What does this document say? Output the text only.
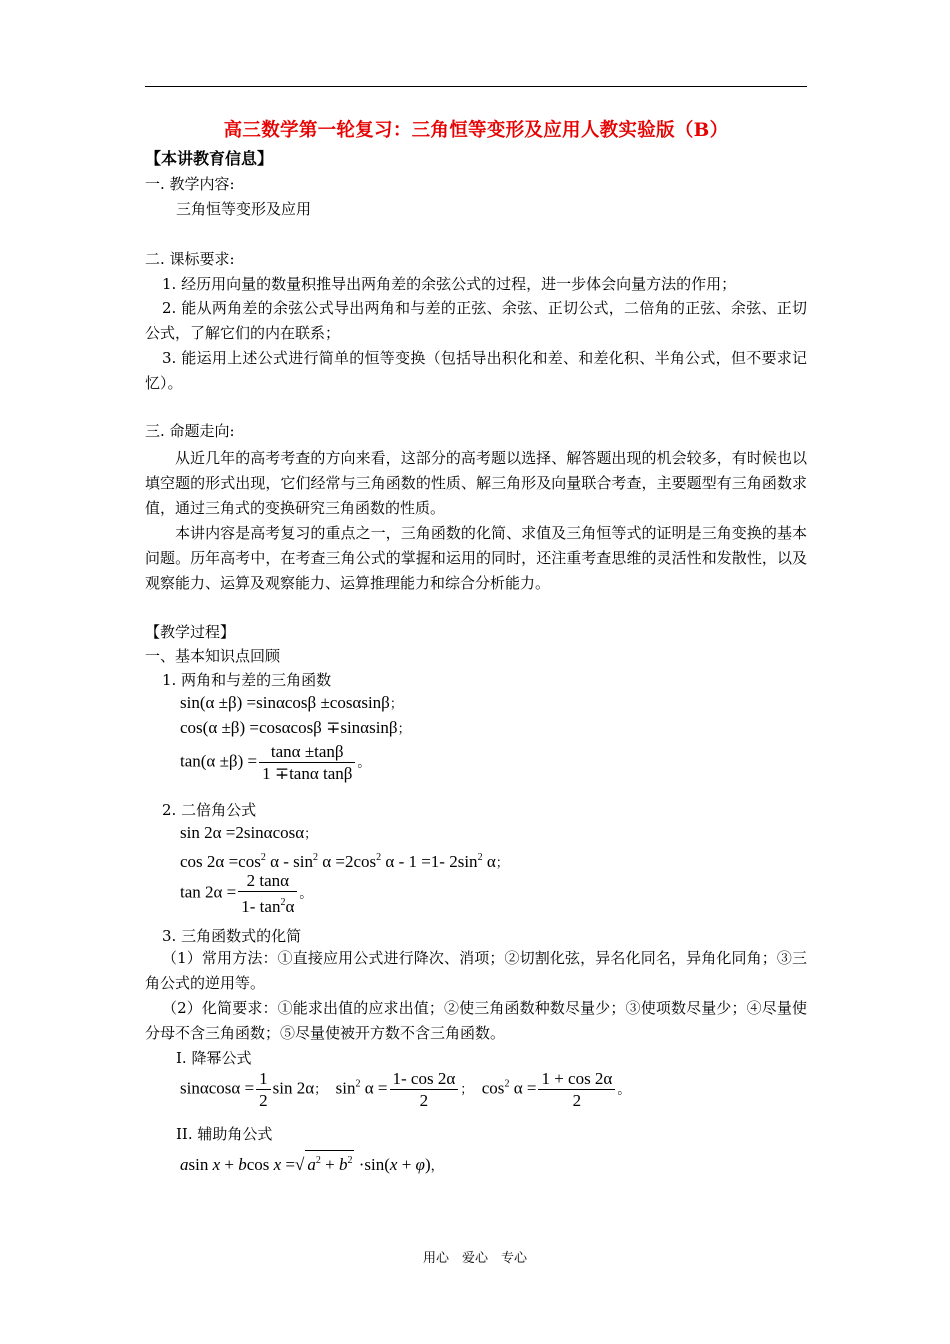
高三数学第一轮复习：三角恒等变形及应用人教实验版（B）
【本讲教育信息】
一. 教学内容:
三角恒等变形及应用
二. 课标要求:
1. 经历用向量的数量积推导出两角差的余弦公式的过程，进一步体会向量方法的作用；
2. 能从两角差的余弦公式导出两角和与差的正弦、余弦、正切公式，二倍角的正弦、余弦、正切公式，了解它们的内在联系；
3. 能运用上述公式进行简单的恒等变换（包括导出积化和差、和差化积、半角公式，但不要求记忆）。
三. 命题走向:
从近几年的高考考查的方向来看，这部分的高考题以选择、解答题出现的机会较多，有时候也以填空题的形式出现，它们经常与三角函数的性质、解三角形及向量联合考查，主要题型有三角函数求值，通过三角式的变换研究三角函数的性质。
本讲内容是高考复习的重点之一，三角函数的化简、求值及三角恒等式的证明是三角变换的基本问题。历年高考中，在考查三角公式的掌握和运用的同时，还注重考查思维的灵活性和发散性，以及观察能力、运算及观察能力、运算推理能力和综合分析能力。
【教学过程】
一、基本知识点回顾
1. 两角和与差的三角函数
sin(α ±β) =sinαcosβ ±cosαsinβ；
cos(α ±β) =cosαcosβ ∓sinαsinβ；
$\tan(\alpha \pm\beta) = \frac{\tan\alpha \pm\tan\beta}{\text{1 ∓tanα tanβ}}$ 。
2. 二倍角公式
sin 2α =2sinαcosα；
$\cos 2\alpha =\cos^2$ $\alpha - \sin^2 \alpha =2\cos^2$ α - 1 =1- $2\sin^2$ α；
$\tan 2\alpha = \frac{2 \tan\alpha}{1- \tan^2\alpha}$ 。
3. 三角函数式的化简
（1）常用方法：①直接应用公式进行降次、消项；②切割化弦，异名化同名，异角化同角；③三角公式的逆用等。
（2）化简要求：①能求出值的应求出值；②使三角函数种数尽量少；③使项数尽量少；④尽量使分母不含三角函数；⑤尽量使被开方数不含三角函数。
I. 降幂公式
$\sin\alpha\cos\alpha = \frac{1}{2}$ sin 2α；  $\sin^2 \alpha = \frac{1- \cos 2\alpha}{2}$ ；  $\cos^2 \alpha = \frac{1 + \cos 2\alpha}{2}$ 。
II. 辅助角公式
asin x + bcos x =√ $a^2 + b^2 \cdot\sin(x + \varphi)$，
用心　爱心　专心
